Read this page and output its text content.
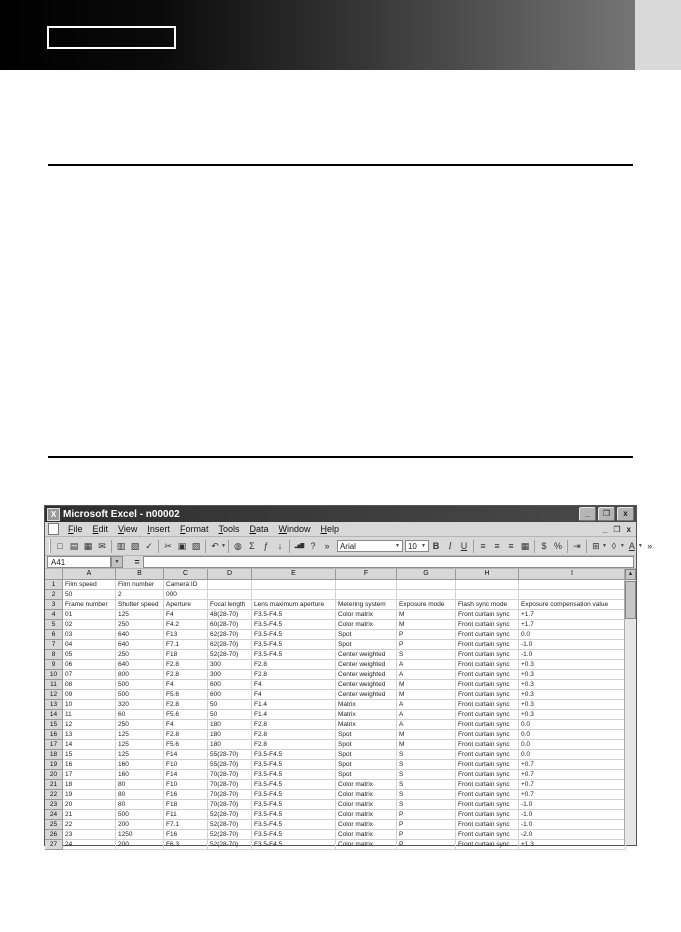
X Microsoft Excel - n00002	_	❐	x
File	Edit	View	Insert	Format	Tools	Data	Window	Help	_ ❐ x
□ ▤ ▦ ✉	▥ ▧ ✓	✂ ▣ ▨	↶ ▼ ◍ Σ ƒ	↓	▂▅▇ ? »	Arial	▼ 10 ▼ B	I	U	≡ ≡ ≡ ▦	$ %	⇥	⊞ ▼ ◊ ▼ A ▼ »
A41	▼	=
A	B	C	D	E	F	G	H	I
1	Film speed	Film number	Camera ID
2	50	2	000
3	Frame number	Shutter speed	Aperture	Focal length	Lens maximum aperture	Metering system	Exposure mode	Flash sync mode	Exposure compensation value
4	01	125	F4	48(28-70)	F3.5-F4.5	Color matrix	M	Front curtain sync	+1.7
5	02	250	F4.2	60(28-70)	F3.5-F4.5	Color matrix	M	Front curtain sync	+1.7
6	03	640	F13	62(28-70)	F3.5-F4.5	Spot	P	Front curtain sync	0.0
7	04	640	F7.1	62(28-70)	F3.5-F4.5	Spot	P	Front curtain sync	-1.0
8	05	250	F18	52(28-70)	F3.5-F4.5	Center weighted	S	Front curtain sync	-1.0
9	06	640	F2.8	300	F2.8	Center weighted	A	Front curtain sync	+0.3
10	07	800	F2.8	300	F2.8	Center weighted	A	Front curtain sync	+0.3
11	08	500	F4	600	F4	Center weighted	M	Front curtain sync	+0.3
12	09	500	F5.6	600	F4	Center weighted	M	Front curtain sync	+0.3
13	10	320	F2.8	50	F1.4	Matrix	A	Front curtain sync	+0.3
14	11	60	F5.6	50	F1.4	Matrix	A	Front curtain sync	+0.3
15	12	250	F4	180	F2.8	Matrix	A	Front curtain sync	0.0
16	13	125	F2.8	180	F2.8	Spot	M	Front curtain sync	0.0
17	14	125	F5.6	180	F2.8	Spot	M	Front curtain sync	0.0
18	15	125	F14	55(28-70)	F3.5-F4.5	Spot	S	Front curtain sync	0.0
19	16	160	F10	55(28-70)	F3.5-F4.5	Spot	S	Front curtain sync	+0.7
20	17	160	F14	70(28-70)	F3.5-F4.5	Spot	S	Front curtain sync	+0.7
21	18	80	F10	70(28-70)	F3.5-F4.5	Color matrix	S	Front curtain sync	+0.7
22	19	80	F16	70(28-70)	F3.5-F4.5	Color matrix	S	Front curtain sync	+0.7
23	20	80	F18	70(28-70)	F3.5-F4.5	Color matrix	S	Front curtain sync	-1.0
24	21	500	F11	52(28-70)	F3.5-F4.5	Color matrix	P	Front curtain sync	-1.0
25	22	200	F7.1	52(28-70)	F3.5-F4.5	Color matrix	P	Front curtain sync	-1.0
26	23	1250	F16	52(28-70)	F3.5-F4.5	Color matrix	P	Front curtain sync	-2.0
27	24	200	F6.3	52(28-70)	F3.5-F4.5	Color matrix	P	Front curtain sync	+1.3
▲
